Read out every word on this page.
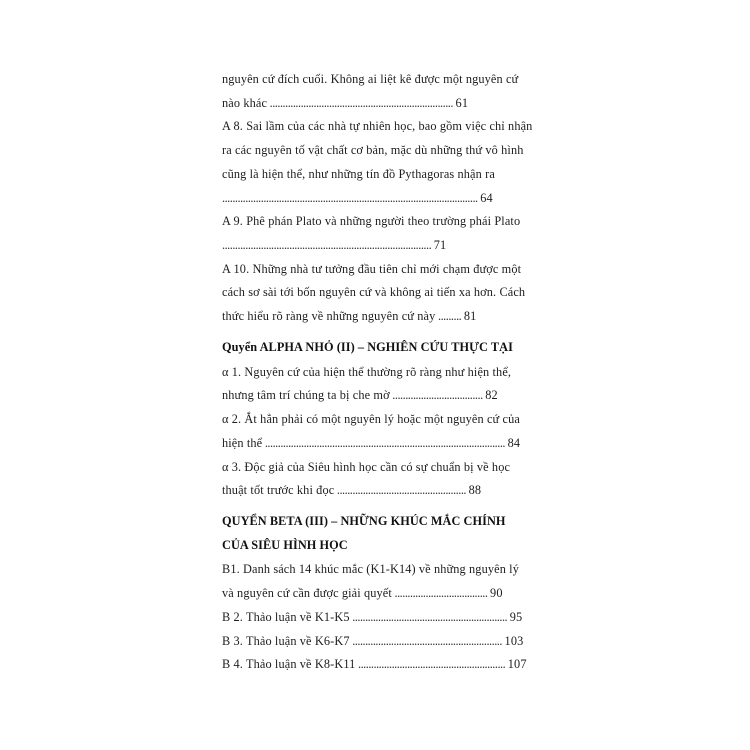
nguyên cứ đích cuối. Không ai liệt kê được một nguyên cứ nào khác ....................................................................... 61

A 8. Sai lầm của các nhà tự nhiên học, bao gồm việc chỉ nhận ra các nguyên tố vật chất cơ bản, mặc dù những thứ vô hình cũng là hiện thể, như những tín đồ Pythagoras nhận ra ................................................................................................... 64

A 9. Phê phán Plato và những người theo trường phái Plato ................................................................................. 71

A 10. Những nhà tư tưởng đầu tiên chỉ mới chạm được một cách sơ sài tới bốn nguyên cứ và không ai tiến xa hơn. Cách thức hiểu rõ ràng về những nguyên cứ này ......... 81

Quyển ALPHA NHỎ (II) – NGHIÊN CỨU THỰC TẠI

α 1. Nguyên cứ của hiện thể thường rõ ràng như hiện thể, nhưng tâm trí chúng ta bị che mờ ................................... 82

α 2. Ắt hẳn phải có một nguyên lý hoặc một nguyên cứ của hiện thể ............................................................................................. 84

α 3. Độc giả của Siêu hình học cần có sự chuẩn bị về học thuật tốt trước khi đọc .................................................. 88

QUYỂN BETA (III) – NHỮNG KHÚC MẮC CHÍNH CỦA SIÊU HÌNH HỌC

B1. Danh sách 14 khúc mắc (K1-K14) về những nguyên lý và nguyên cứ cần được giải quyết .................................... 90

B 2. Thảo luận về K1-K5 ............................................................ 95

B 3. Thảo luận về K6-K7 .......................................................... 103

B 4. Thảo luận về K8-K11 ......................................................... 107
